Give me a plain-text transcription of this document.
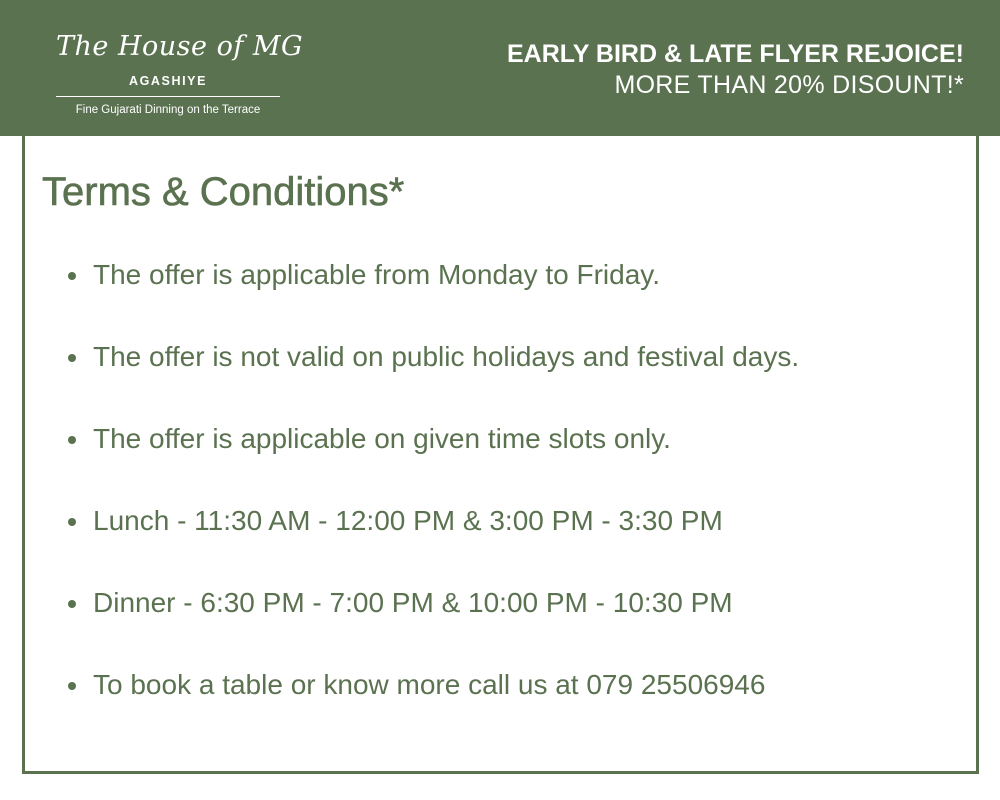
The House of MG
AGASHIYE
Fine Gujarati Dinning on the Terrace
EARLY BIRD & LATE FLYER REJOICE!
MORE THAN 20% DISOUNT!*
Terms & Conditions*
The offer is applicable from Monday to Friday.
The offer is not valid on public holidays and festival days.
The offer is applicable on given time slots only.
Lunch - 11:30 AM - 12:00 PM & 3:00 PM - 3:30 PM
Dinner - 6:30 PM - 7:00 PM & 10:00 PM - 10:30 PM
To book a table or know more call us at 079 25506946
